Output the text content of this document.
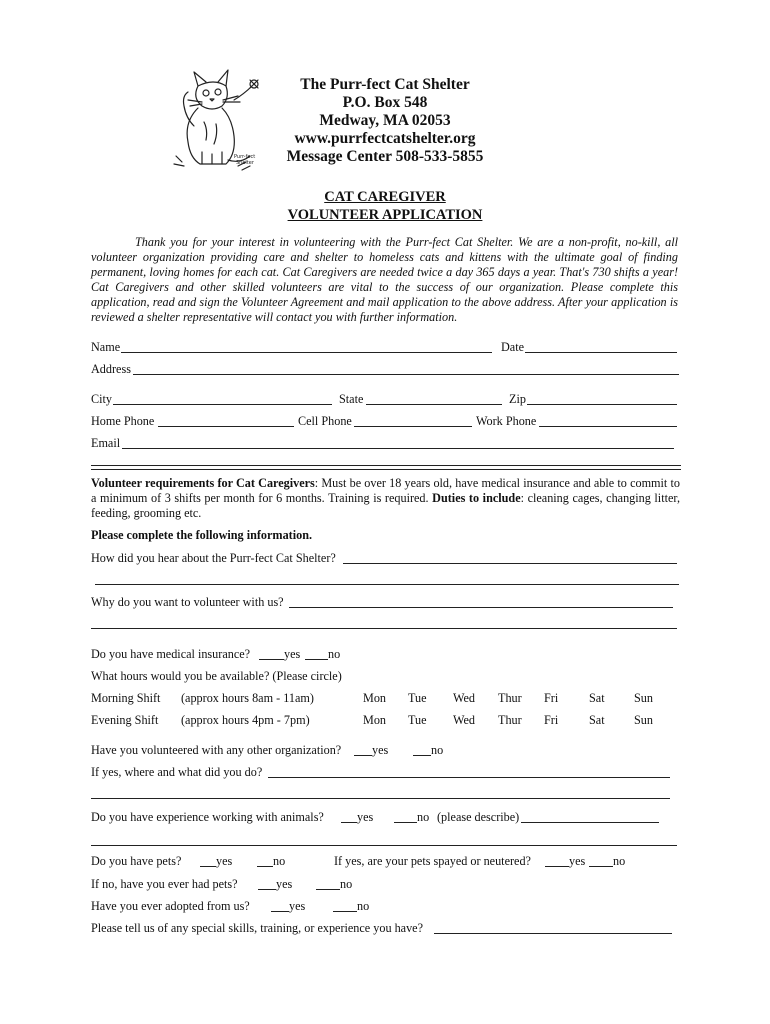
Purr-fect
Shelter
The Purr-fect Cat Shelter
P.O. Box 548
Medway, MA 02053
www.purrfectcatshelter.org
Message Center 508-533-5855
CAT CAREGIVER
VOLUNTEER APPLICATION

Thank you for your interest in volunteering with the Purr-fect Cat Shelter. We are a non-profit, no-kill, all volunteer organization providing care and shelter to homeless cats and kittens with the ultimate goal of finding permanent, loving homes for each cat. Cat Caregivers are needed twice a day 365 days a year. That's 730 shifts a year! Cat Caregivers and other skilled volunteers are vital to the success of our organization. Please complete this application, read and sign the Volunteer Agreement and mail application to the above address. After your application is reviewed a shelter representative will contact you with further information.

Name	Date
Address
City	State	Zip
Home Phone	Cell Phone	Work Phone
Email

Volunteer requirements for Cat Caregivers: Must be over 18 years old, have medical insurance and able to commit to a minimum of 3 shifts per month for 6 months. Training is required. Duties to include: cleaning cages, changing litter, feeding, grooming etc.

Please complete the following information.
How did you hear about the Purr-fect Cat Shelter?
Why do you want to volunteer with us?
Do you have medical insurance?	yes no
What hours would you be available? (Please circle)
Morning Shift (approx hours 8am - 11am)	Mon Tue Wed Thur Fri	Sat Sun
Evening Shift (approx hours 4pm - 7pm)	Mon Tue Wed Thur Fri	Sat Sun
Have you volunteered with any other organization?	yes	no
If yes, where and what did you do?
Do you have experience working with animals?	yes	no (please describe)
Do you have pets?	yes	no	If yes, are your pets spayed or neutered?	yes no
If no, have you ever had pets?	yes	no
Have you ever adopted from us?	yes	no
Please tell us of any special skills, training, or experience you have?
